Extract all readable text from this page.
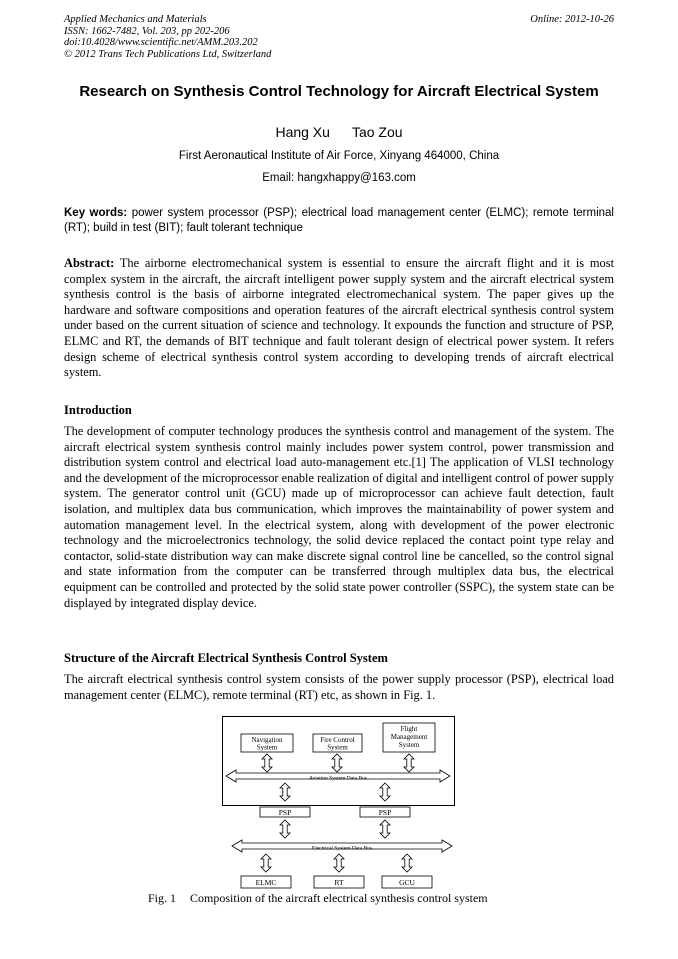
Applied Mechanics and Materials
ISSN: 1662-7482, Vol. 203, pp 202-206
doi:10.4028/www.scientific.net/AMM.203.202
© 2012 Trans Tech Publications Ltd, Switzerland
Online: 2012-10-26
Research on Synthesis Control Technology for Aircraft Electrical System
Hang Xu Tao Zou
First Aeronautical Institute of Air Force, Xinyang 464000, China
Email: hangxhappy@163.com
Key words: power system processor (PSP); electrical load management center (ELMC); remote terminal (RT); build in test (BIT); fault tolerant technique

Abstract: The airborne electromechanical system is essential to ensure the aircraft flight and it is most complex system in the aircraft, the aircraft intelligent power supply system and the aircraft electrical system synthesis control is the basis of airborne integrated electromechanical system. The paper gives up the hardware and software compositions and operation features of the aircraft electrical synthesis control system under based on the current situation of science and technology. It expounds the function and structure of PSP, ELMC and RT, the demands of BIT technique and fault tolerant design of electrical power system. It refers design scheme of electrical synthesis control system according to developing trends of aircraft electrical system.

Introduction

The development of computer technology produces the synthesis control and management of the system. The aircraft electrical system synthesis control mainly includes power system control, power transmission and distribution system control and electrical load auto-management etc.[1] The application of VLSI technology and the development of the microprocessor enable realization of digital and intelligent control of power supply system. The generator control unit (GCU) made up of microprocessor can achieve fault detection, fault isolation, and multiplex data bus communication, which improves the maintainability of power system and automation management level. In the electrical system, along with development of the power electronic technology and the microelectronics technology, the solid device replaced the contact point type relay and contactor, solid-state distribution way can make discrete signal control line be cancelled, so the control signal and state information from the computer can be transferred through multiplex data bus, the electrical equipment can be controlled and protected by the solid state power controller (SSPC), the system state can be displayed by integrated display device.

Structure of the Aircraft Electrical Synthesis Control System

The aircraft electrical synthesis control system consists of the power supply processor (PSP), electrical load management center (ELMC), remote terminal (RT) etc, as shown in Fig. 1.

Navigation
System
Fire Control
System
Flight
Management
System
Aviation System Data Bus
PSP	PSP
Electrical System Data Bus
ELMC	RT	GCU
Fig. 1 Composition of the aircraft electrical synthesis control system
